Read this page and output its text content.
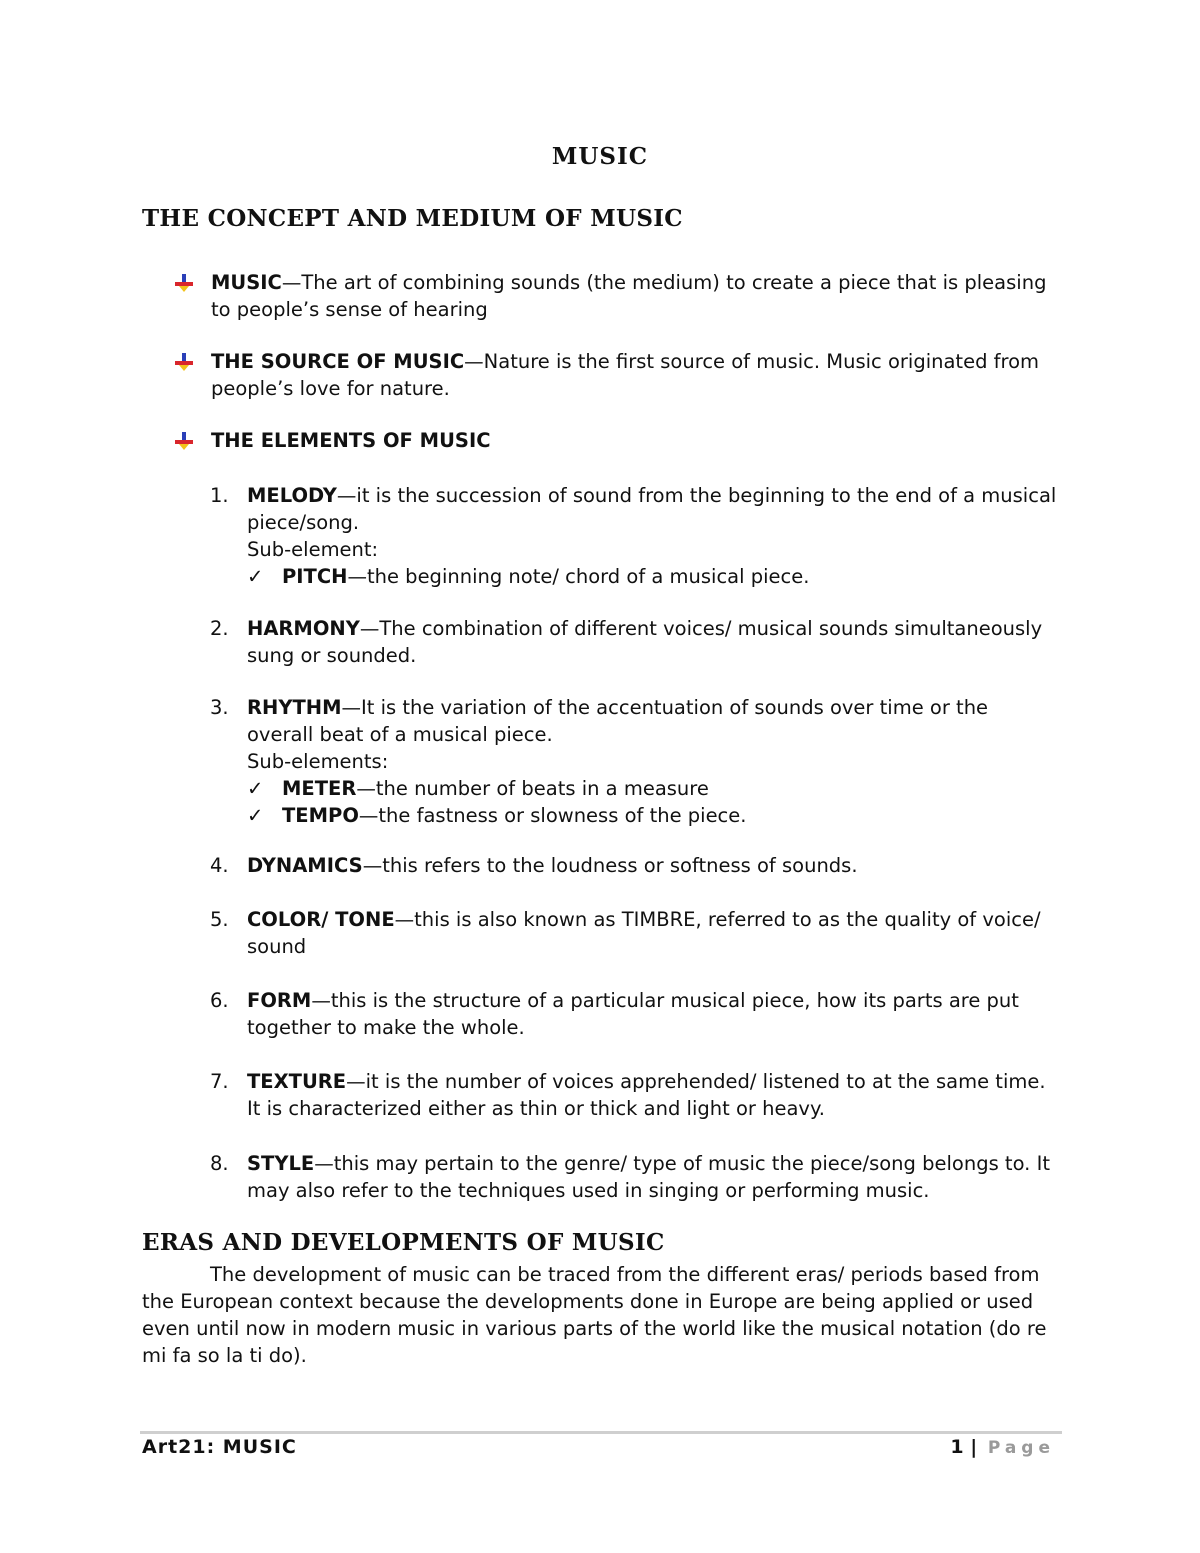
MUSIC
THE CONCEPT AND MEDIUM OF MUSIC
MUSIC—The art of combining sounds (the medium) to create a piece that is pleasing to people’s sense of hearing
THE SOURCE OF MUSIC—Nature is the first source of music. Music originated from people’s love for nature.
THE ELEMENTS OF MUSIC
1. MELODY—it is the succession of sound from the beginning to the end of a musical piece/song.
Sub-element:
✓ PITCH—the beginning note/ chord of a musical piece.
2. HARMONY—The combination of different voices/ musical sounds simultaneously sung or sounded.
3. RHYTHM—It is the variation of the accentuation of sounds over time or the overall beat of a musical piece.
Sub-elements:
✓ METER—the number of beats in a measure
✓ TEMPO—the fastness or slowness of the piece.
4. DYNAMICS—this refers to the loudness or softness of sounds.
5. COLOR/ TONE—this is also known as TIMBRE, referred to as the quality of voice/ sound
6. FORM—this is the structure of a particular musical piece, how its parts are put together to make the whole.
7. TEXTURE—it is the number of voices apprehended/ listened to at the same time. It is characterized either as thin or thick and light or heavy.
8. STYLE—this may pertain to the genre/ type of music the piece/song belongs to. It may also refer to the techniques used in singing or performing music.
ERAS AND DEVELOPMENTS OF MUSIC

The development of music can be traced from the different eras/ periods based from the European context because the developments done in Europe are being applied or used even until now in modern music in various parts of the world like the musical notation (do re mi fa so la ti do).

Art21: MUSIC	1 | Page
